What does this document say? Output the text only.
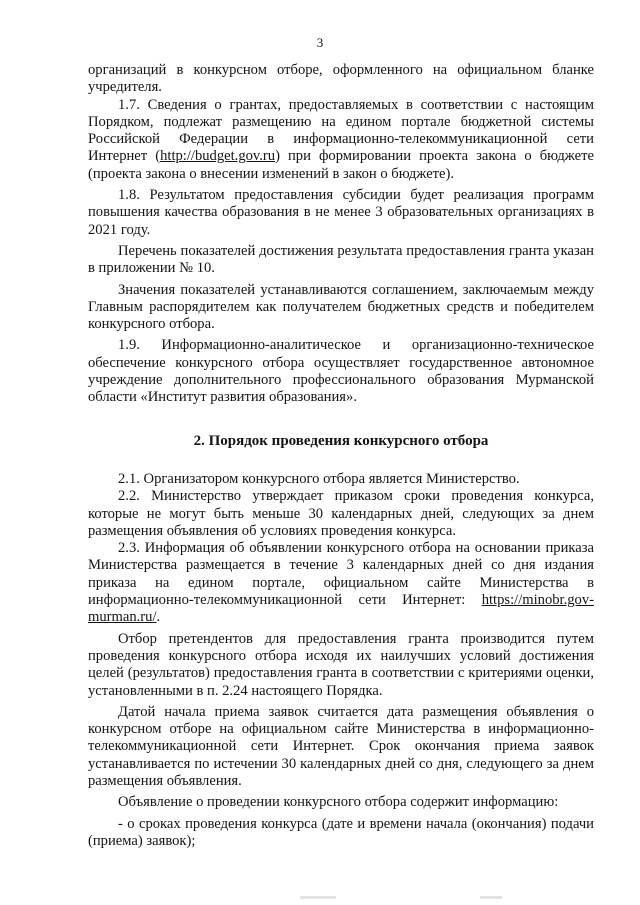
3

организаций в конкурсном отборе, оформленного на официальном бланке учредителя.

1.7. Сведения о грантах, предоставляемых в соответствии с настоящим Порядком, подлежат размещению на едином портале бюджетной системы Российской Федерации в информационно-телекоммуникационной сети Интернет (http://budget.gov.ru) при формировании проекта закона о бюджете (проекта закона о внесении изменений в закон о бюджете).

1.8. Результатом предоставления субсидии будет реализация программ повышения качества образования в не менее 3 образовательных организациях в 2021 году.

Перечень показателей достижения результата предоставления гранта указан в приложении № 10.

Значения показателей устанавливаются соглашением, заключаемым между Главным распорядителем как получателем бюджетных средств и победителем конкурсного отбора.

1.9. Информационно-аналитическое и организационно-техническое обеспечение конкурсного отбора осуществляет государственное автономное учреждение дополнительного профессионального образования Мурманской области «Институт развития образования».

2. Порядок проведения конкурсного отбора

2.1. Организатором конкурсного отбора является Министерство.

2.2. Министерство утверждает приказом сроки проведения конкурса, которые не могут быть меньше 30 календарных дней, следующих за днем размещения объявления об условиях проведения конкурса.

2.3. Информация об объявлении конкурсного отбора на основании приказа Министерства размещается в течение 3 календарных дней со дня издания приказа на едином портале, официальном сайте Министерства в информационно-телекоммуникационной сети Интернет: https://minobr.gov-murman.ru/.

Отбор претендентов для предоставления гранта производится путем проведения конкурсного отбора исходя их наилучших условий достижения целей (результатов) предоставления гранта в соответствии с критериями оценки, установленными в п. 2.24 настоящего Порядка.

Датой начала приема заявок считается дата размещения объявления о конкурсном отборе на официальном сайте Министерства в информационно-телекоммуникационной сети Интернет. Срок окончания приема заявок устанавливается по истечении 30 календарных дней со дня, следующего за днем размещения объявления.

Объявление о проведении конкурсного отбора содержит информацию:

- о сроках проведения конкурса (дате и времени начала (окончания) подачи (приема) заявок);
